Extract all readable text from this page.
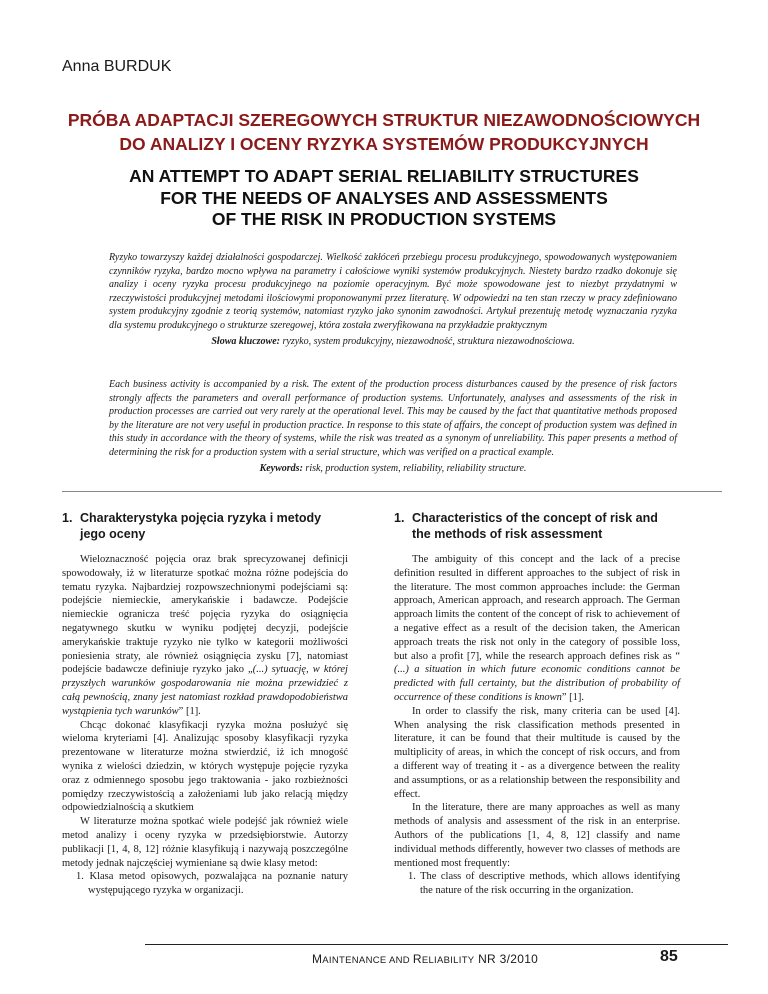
Anna BURDUK
PRÓBA ADAPTACJI SZEREGOWYCH STRUKTUR NIEZAWODNOŚCIOWYCH
DO ANALIZY I OCENY RYZYKA SYSTEMÓW PRODUKCYJNYCH
AN ATTEMPT TO ADAPT SERIAL RELIABILITY STRUCTURES
FOR THE NEEDS OF ANALYSES AND ASSESSMENTS
OF THE RISK IN PRODUCTION SYSTEMS
Ryzyko towarzyszy każdej działalności gospodarczej. Wielkość zakłóceń przebiegu procesu produkcyjnego, spowodowanych występowaniem czynników ryzyka, bardzo mocno wpływa na parametry i całościowe wyniki systemów produkcyjnych. Niestety bardzo rzadko dokonuje się analizy i oceny ryzyka procesu produkcyjnego na poziomie operacyjnym. Być może spowodowane jest to niezbyt przydatnymi w rzeczywistości produkcyjnej metodami ilościowymi proponowanymi przez literaturę. W odpowiedzi na ten stan rzeczy w pracy zdefiniowano system produkcyjny zgodnie z teorią systemów, natomiast ryzyko jako synonim zawodności. Artykuł prezentuję metodę wyznaczania ryzyka dla systemu produkcyjnego o strukturze szeregowej, która została zweryfikowana na przykładzie praktycznym
Słowa kluczowe: ryzyko, system produkcyjny, niezawodność, struktura niezawodnościowa.
Each business activity is accompanied by a risk. The extent of the production process disturbances caused by the presence of risk factors strongly affects the parameters and overall performance of production systems. Unfortunately, analyses and assessments of the risk in production processes are carried out very rarely at the operational level. This may be caused by the fact that quantitative methods proposed by the literature are not very useful in production practice. In response to this state of affairs, the concept of production system was defined in this study in accordance with the theory of systems, while the risk was treated as a synonym of unreliability. This paper presents a method of determining the risk for a production system with a serial structure, which was verified on a practical example.
Keywords: risk, production system, reliability, reliability structure.
1. Charakterystyka pojęcia ryzyka i metody jego oceny

Wieloznaczność pojęcia oraz brak sprecyzowanej definicji spowodowały, iż w literaturze spotkać można różne podejścia do tematu ryzyka. Najbardziej rozpowszechnionymi podejściami są: podejście niemieckie, amerykańskie i badawcze. Podejście niemieckie ogranicza treść pojęcia ryzyka do osiągnięcia negatywnego skutku w wyniku podjętej decyzji, podejście amerykańskie traktuje ryzyko nie tylko w kategorii możliwości poniesienia straty, ale również osiągnięcia zysku [7], natomiast podejście badawcze definiuje ryzyko jako „(...) sytuację, w której przyszłych warunków gospodarowania nie można przewidzieć z całą pewnością, znany jest natomiast rozkład prawdopodobieństwa wystąpienia tych warunków” [1].

Chcąc dokonać klasyfikacji ryzyka można posłużyć się wieloma kryteriami [4]. Analizując sposoby klasyfikacji ryzyka prezentowane w literaturze można stwierdzić, iż ich mnogość wynika z wielości dziedzin, w których występuje pojęcie ryzyka oraz z odmiennego sposobu jego traktowania - jako rozbieżności pomiędzy rzeczywistością a założeniami lub jako relacją między odpowiedzialnością a skutkiem

W literaturze można spotkać wiele podejść jak również wiele metod analizy i oceny ryzyka w przedsiębiorstwie. Autorzy publikacji [1, 4, 8, 12] różnie klasyfikują i nazywają poszczególne metody jednak najczęściej wymieniane są dwie klasy metod:

1. Klasa metod opisowych, pozwalająca na poznanie natury występującego ryzyka w organizacji.

1. Characteristics of the concept of risk and the methods of risk assessment

The ambiguity of this concept and the lack of a precise definition resulted in different approaches to the subject of risk in the literature. The most common approaches include: the German approach, American approach, and research approach. The German approach limits the content of the concept of risk to achievement of a negative effect as a result of the decision taken, the American approach treats the risk not only in the category of possible loss, but also a profit [7], while the research approach defines risk as “ (...) a situation in which future economic conditions cannot be predicted with full certainty, but the distribution of probability of occurrence of these conditions is known” [1].

In order to classify the risk, many criteria can be used [4]. When analysing the risk classification methods presented in literature, it can be found that their multitude is caused by the multiplicity of areas, in which the concept of risk occurs, and from a different way of treating it - as a divergence between the reality and assumptions, or as a relationship between the responsibility and effect.

In the literature, there are many approaches as well as many methods of analysis and assessment of the risk in an enterprise. Authors of the publications [1, 4, 8, 12] classify and name individual methods differently, however two classes of methods are mentioned most frequently:

1. The class of descriptive methods, which allows identifying the nature of the risk occurring in the organization.

MAINTENANCE AND RELIABILITY NR 3/2010	85
